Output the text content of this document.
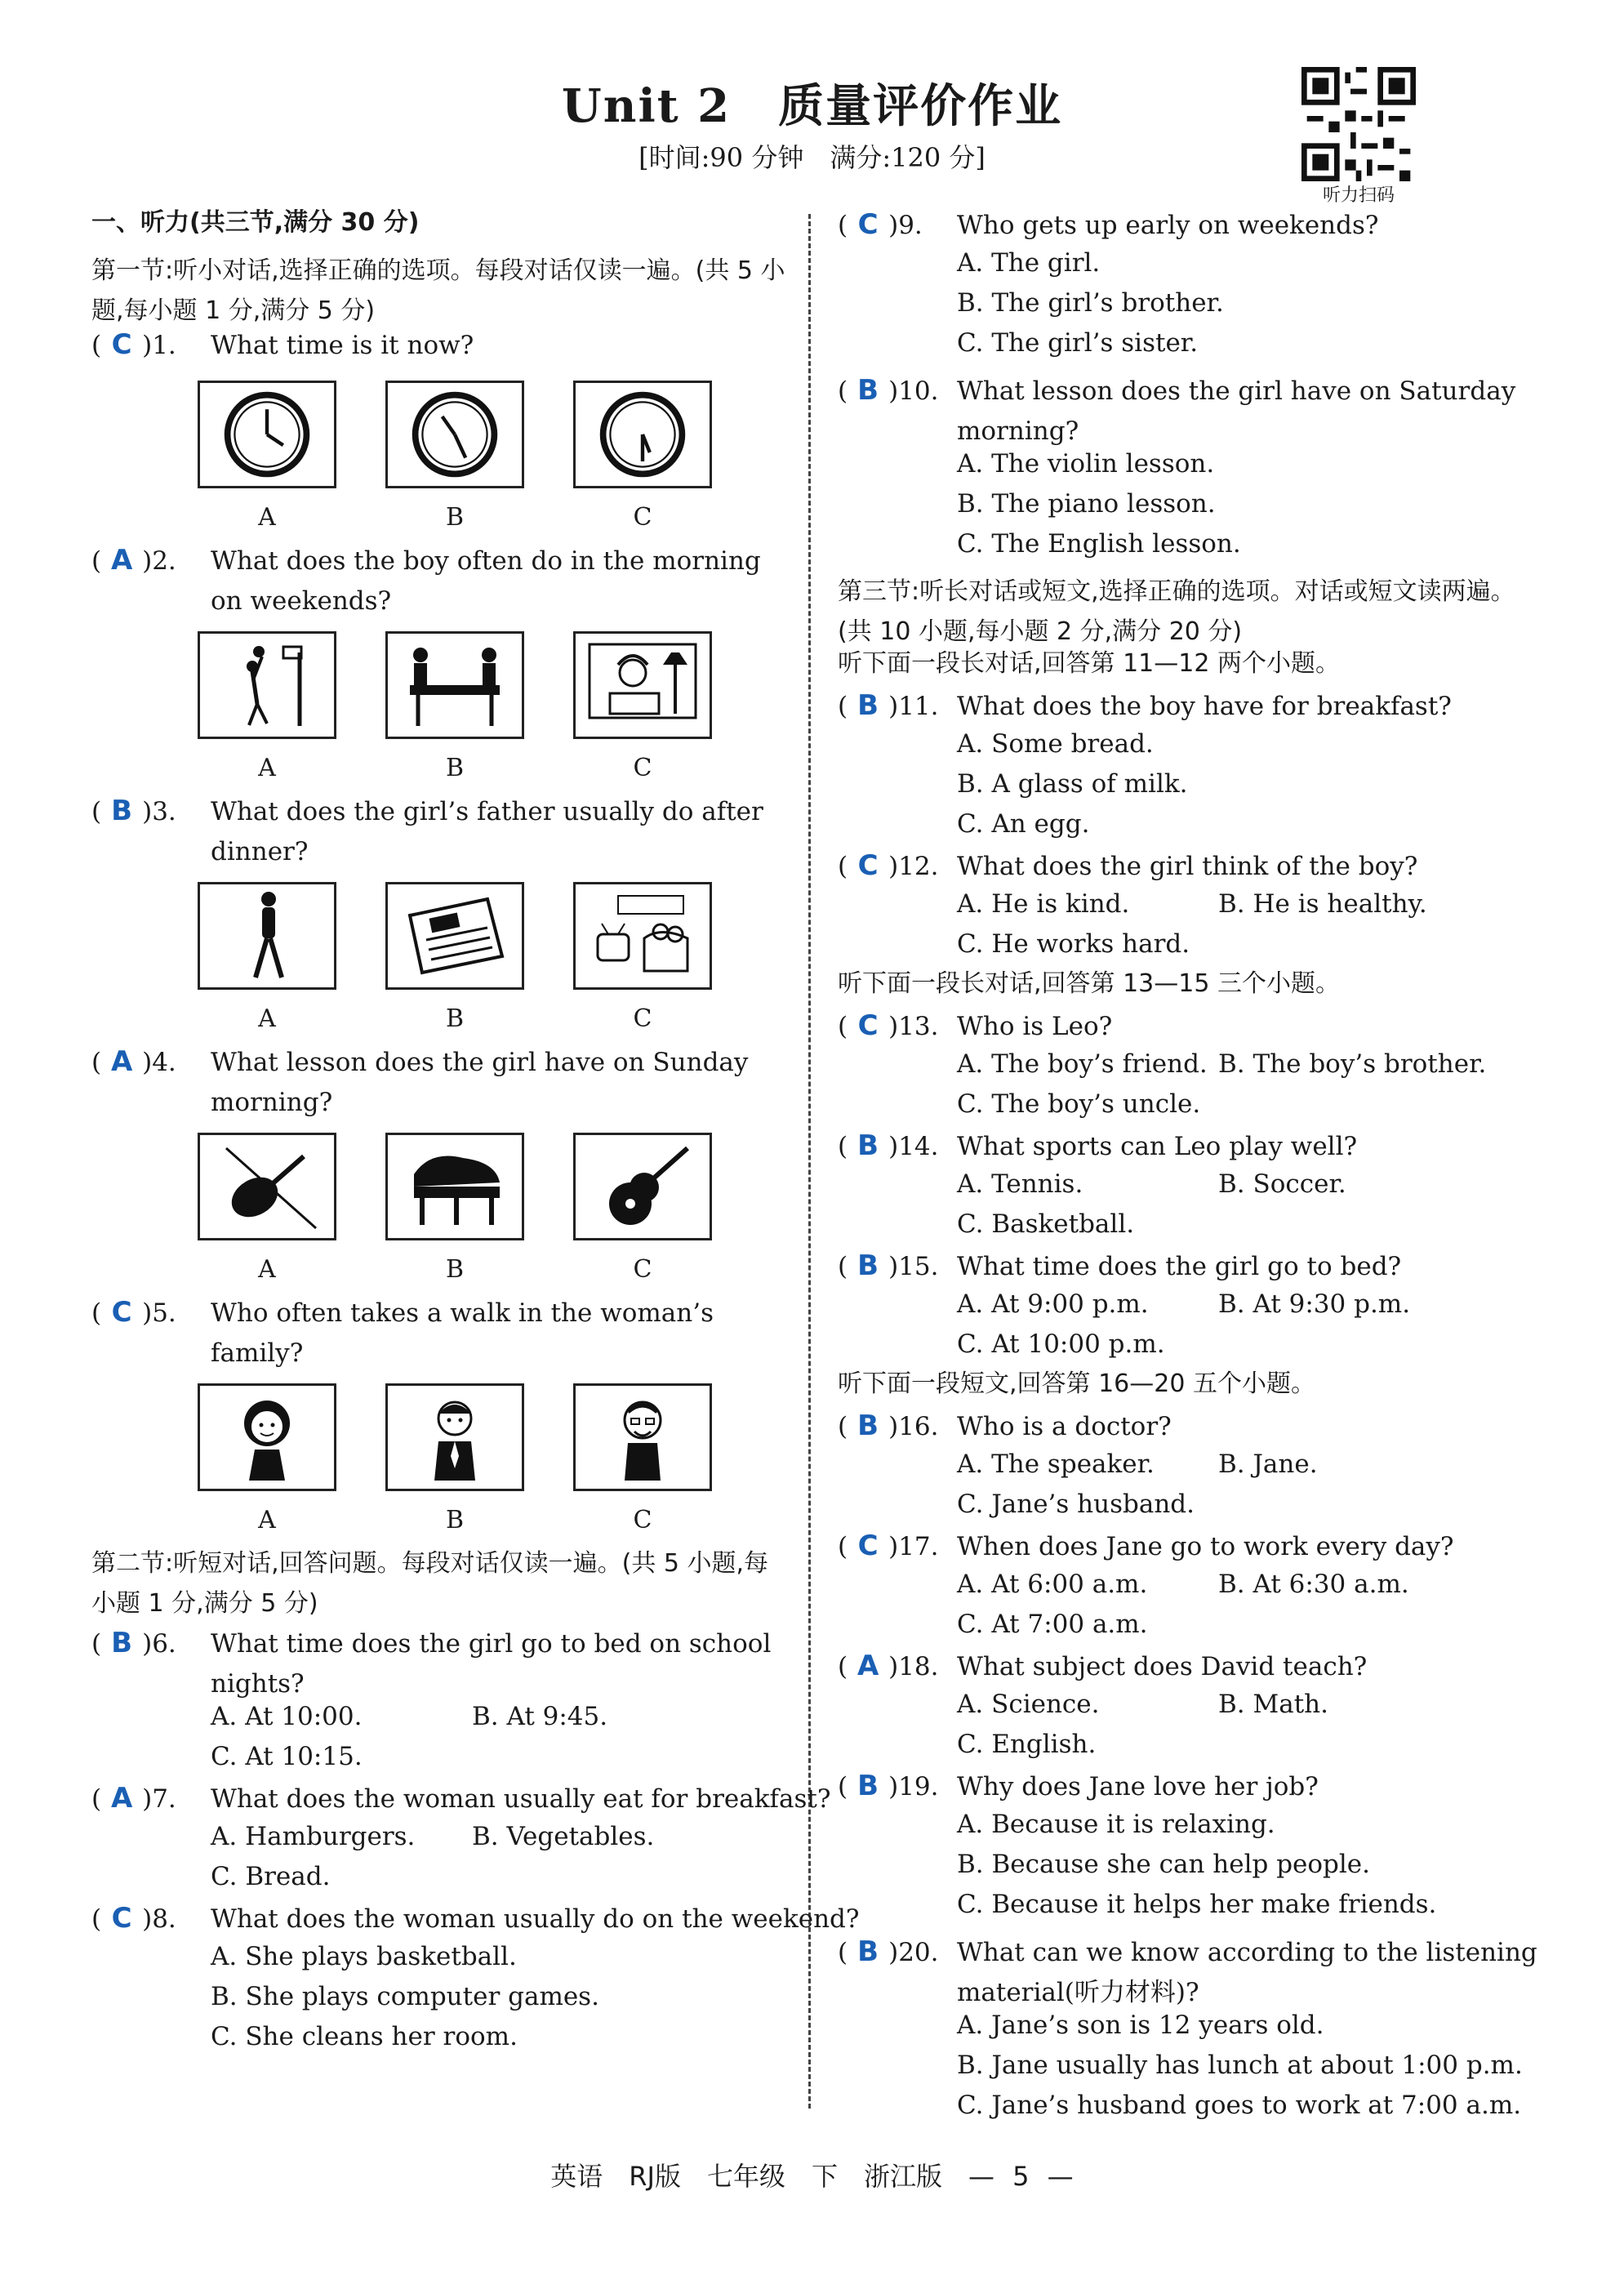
Unit 2　质量评价作业
[时间:90 分钟　满分:120 分]
听力扫码
一、听力(共三节,满分 30 分)
第一节:听小对话,选择正确的选项。每段对话仅读一遍。(共 5 小题,每小题 1 分,满分 5 分)
( C )1.	What time is it now?
A	B	C
( A )2.	What does the boy often do in the morning on weekends?
A	B	C
( B )3.	What does the girl’s father usually do after dinner?
A	B	C
( A )4.	What lesson does the girl have on Sunday morning?
A	B	C
( C )5.	Who often takes a walk in the woman’s family?
A	B	C
第二节:听短对话,回答问题。每段对话仅读一遍。(共 5 小题,每小题 1 分,满分 5 分)
( B )6.	What time does the girl go to bed on school nights?
A. At 10:00.	B. At 9:45.
C. At 10:15.
( A )7.	What does the woman usually eat for breakfast?
A. Hamburgers.	B. Vegetables.
C. Bread.
( C )8.	What does the woman usually do on the weekend?
A. She plays basketball.
B. She plays computer games.
C. She cleans her room.
( C )9.	Who gets up early on weekends?
A. The girl.
B. The girl’s brother.
C. The girl’s sister.
( B )10. What lesson does the girl have on Saturday morning?
A. The violin lesson.
B. The piano lesson.
C. The English lesson.
第三节:听长对话或短文,选择正确的选项。对话或短文读两遍。(共 10 小题,每小题 2 分,满分 20 分)
听下面一段长对话,回答第 11—12 两个小题。
( B )11. What does the boy have for breakfast?
A. Some bread.
B. A glass of milk.
C. An egg.
( C )12. What does the girl think of the boy?
A. He is kind.	B. He is healthy.
C. He works hard.
听下面一段长对话,回答第 13—15 三个小题。
( C )13. Who is Leo?
A. The boy’s friend. B. The boy’s brother.
C. The boy’s uncle.
( B )14. What sports can Leo play well?
A. Tennis.	B. Soccer.
C. Basketball.
( B )15. What time does the girl go to bed?
A. At 9:00 p.m.	B. At 9:30 p.m.
C. At 10:00 p.m.
听下面一段短文,回答第 16—20 五个小题。
( B )16. Who is a doctor?
A. The speaker.	B. Jane.
C. Jane’s husband.
( C )17. When does Jane go to work every day?
A. At 6:00 a.m.	B. At 6:30 a.m.
C. At 7:00 a.m.
( A )18. What subject does David teach?
A. Science.	B. Math.
C. English.
( B )19. Why does Jane love her job?
A. Because it is relaxing.
B. Because she can help people.
C. Because it helps her make friends.
( B )20. What can we know according to the listening material(听力材料)?
A. Jane’s son is 12 years old.
B. Jane usually has lunch at about 1:00 p.m.
C. Jane’s husband goes to work at 7:00 a.m.
英语　RJ版　七年级　下　浙江版　— 5 —
